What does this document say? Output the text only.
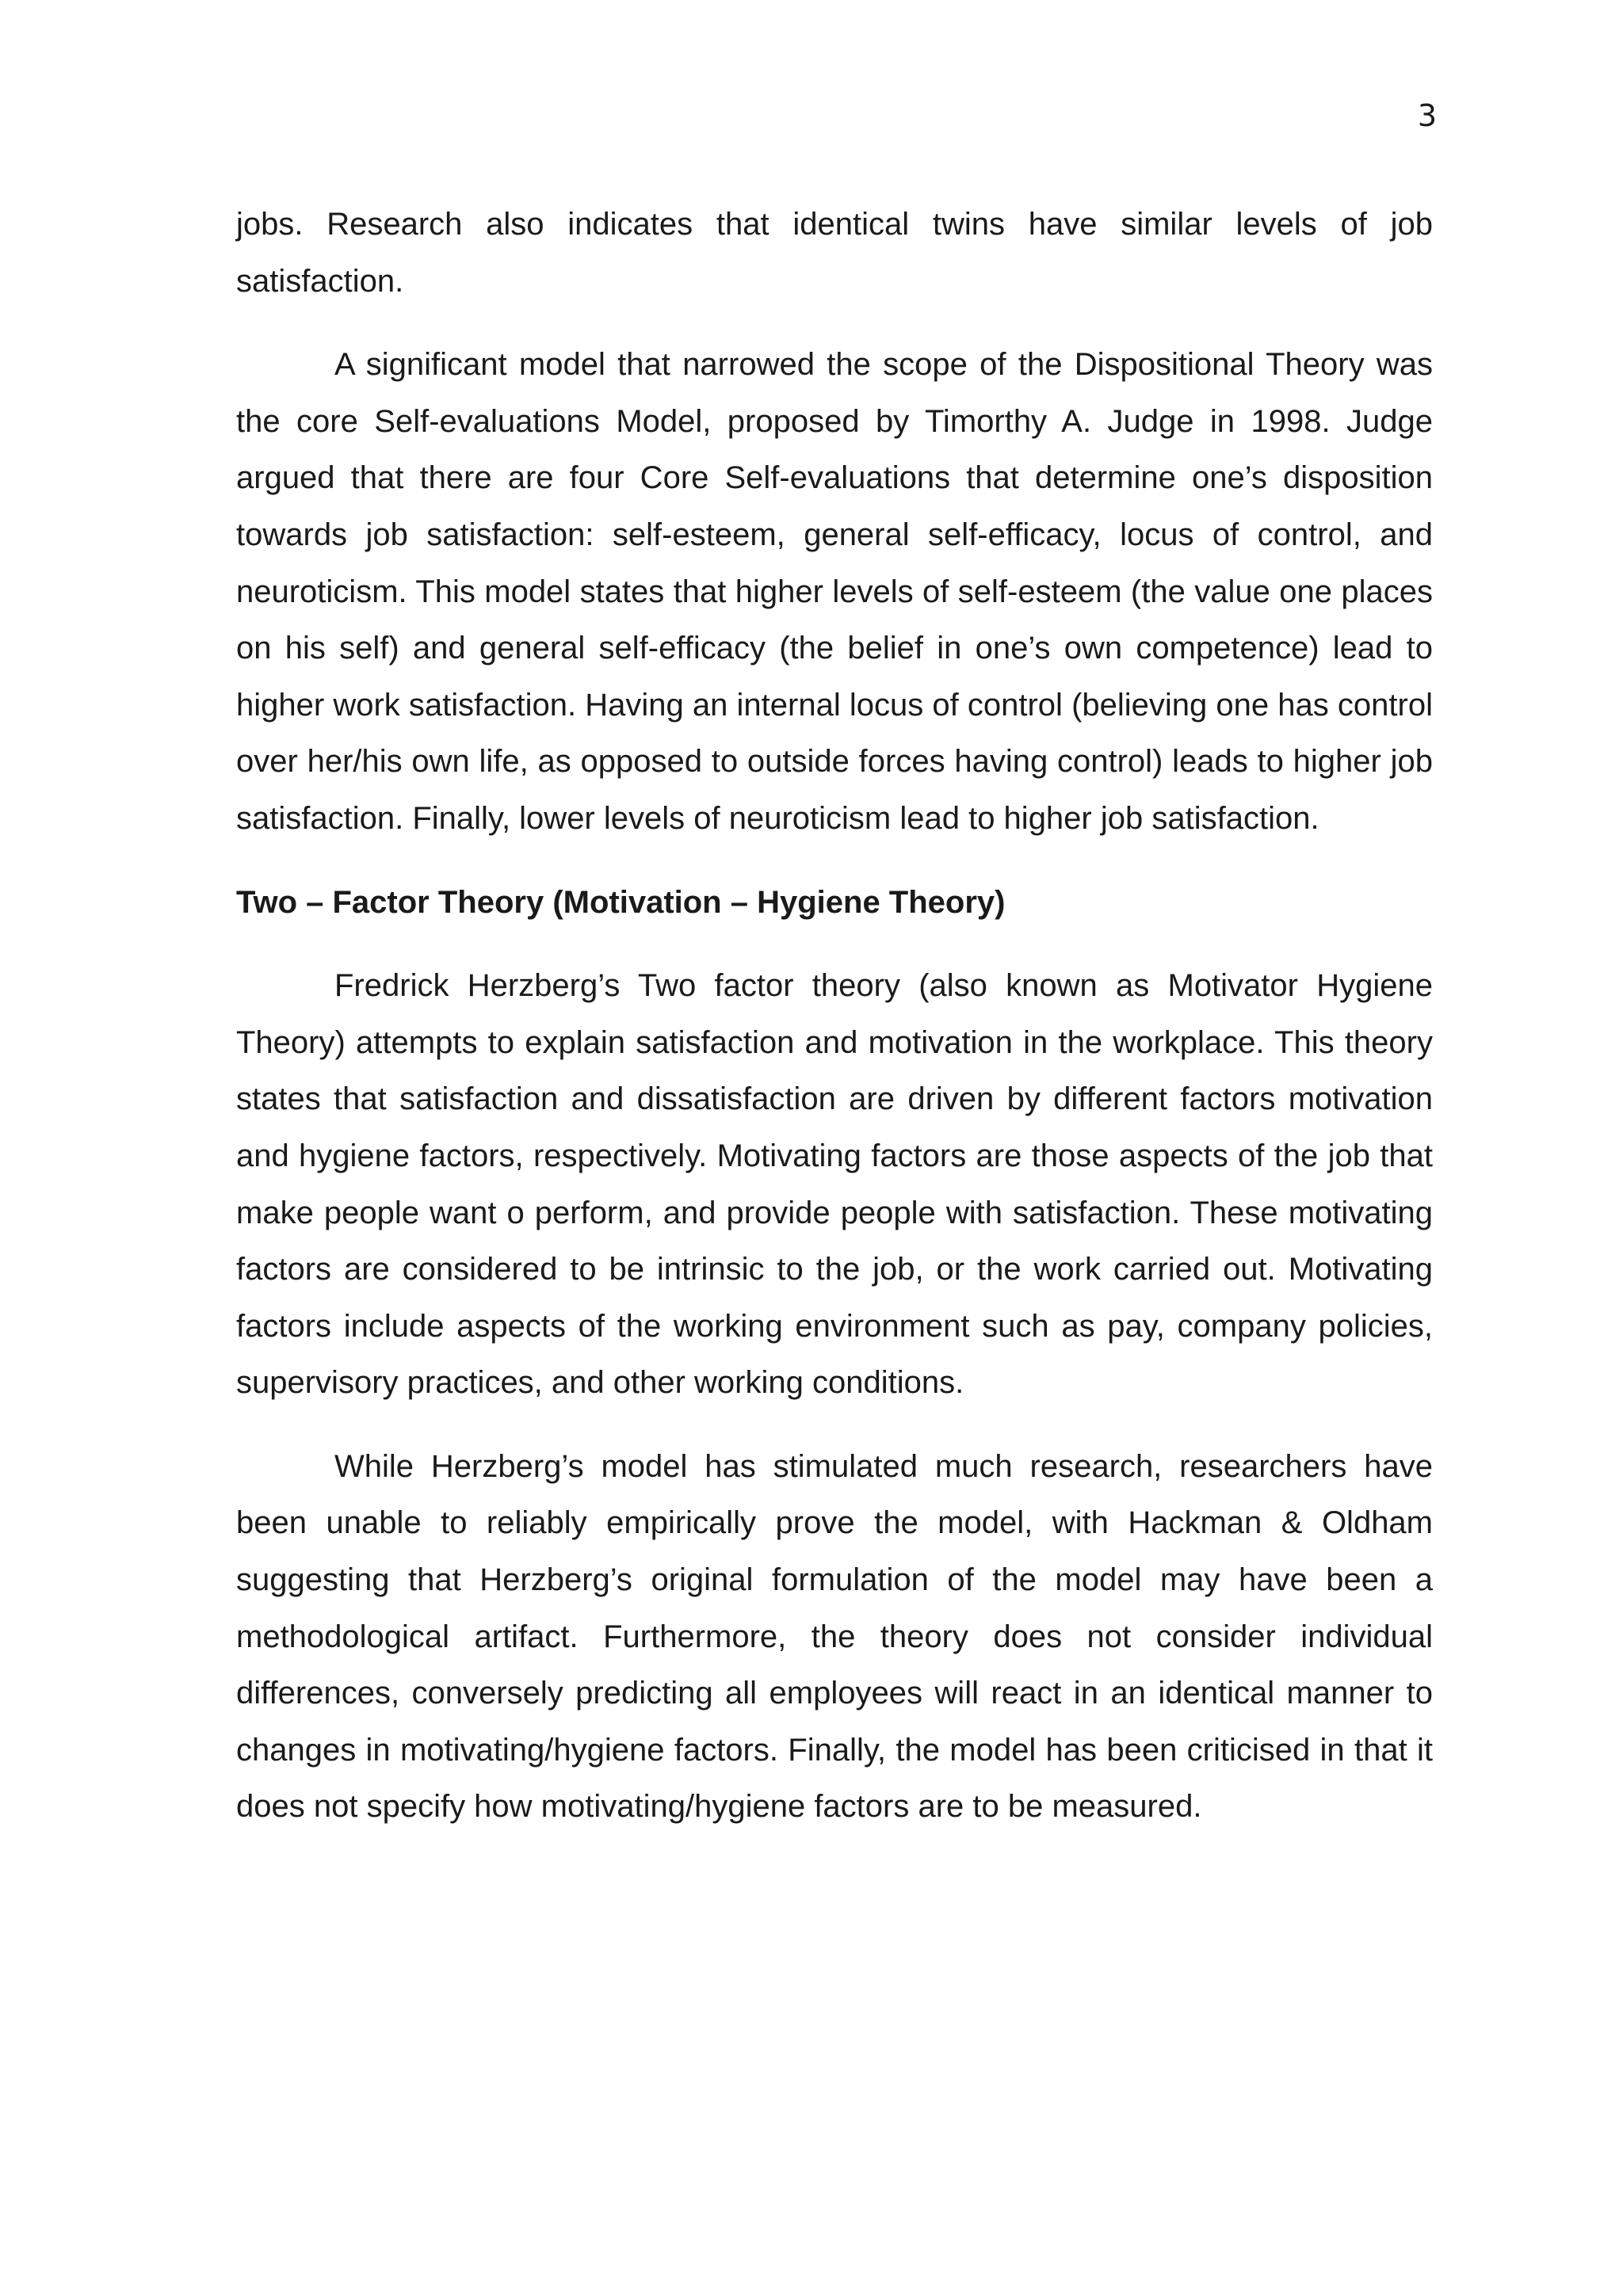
3

jobs. Research also indicates that identical twins have similar levels of job satisfaction.

A significant model that narrowed the scope of the Dispositional Theory was the core Self-evaluations Model, proposed by Timorthy A. Judge in 1998. Judge argued that there are four Core Self-evaluations that determine one’s disposition towards job satisfaction: self-esteem, general self-efficacy, locus of control, and neuroticism. This model states that higher levels of self-esteem (the value one places on his self) and general self-efficacy (the belief in one’s own competence) lead to higher work satisfaction. Having an internal locus of control (believing one has control over her/his own life, as opposed to outside forces having control) leads to higher job satisfaction. Finally, lower levels of neuroticism lead to higher job satisfaction.

Two – Factor Theory (Motivation – Hygiene Theory)

Fredrick Herzberg’s Two factor theory (also known as Motivator Hygiene Theory) attempts to explain satisfaction and motivation in the workplace. This theory states that satisfaction and dissatisfaction are driven by different factors motivation and hygiene factors, respectively. Motivating factors are those aspects of the job that make people want o perform, and provide people with satisfaction. These motivating factors are considered to be intrinsic to the job, or the work carried out. Motivating factors include aspects of the working environment such as pay, company policies, supervisory practices, and other working conditions.

While Herzberg’s model has stimulated much research, researchers have been unable to reliably empirically prove the model, with Hackman & Oldham suggesting that Herzberg’s original formulation of the model may have been a methodological artifact. Furthermore, the theory does not consider individual differences, conversely predicting all employees will react in an identical manner to changes in motivating/hygiene factors. Finally, the model has been criticised in that it does not specify how motivating/hygiene factors are to be measured.
